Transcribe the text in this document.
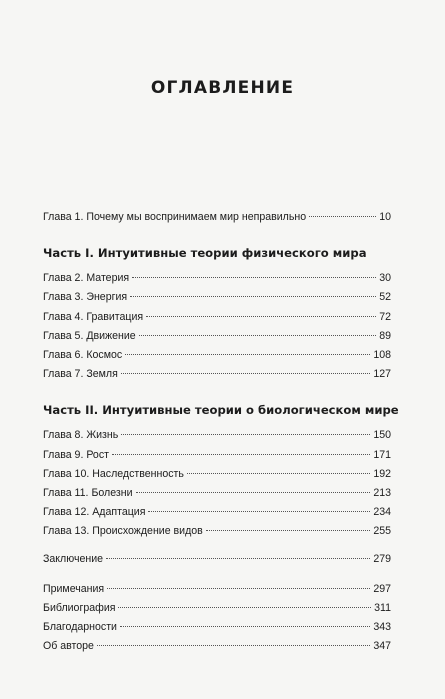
ОГЛАВЛЕНИЕ
Глава 1. Почему мы воспринимаем мир неправильно	10
Часть I. Интуитивные теории физического мира
Глава 2. Материя	30
Глава 3. Энергия	52
Глава 4. Гравитация	72
Глава 5. Движение	89
Глава 6. Космос	108
Глава 7. Земля	127
Часть II. Интуитивные теории о биологическом мире
Глава 8. Жизнь	150
Глава 9. Рост	171
Глава 10. Наследственность	192
Глава 11. Болезни	213
Глава 12. Адаптация	234
Глава 13. Происхождение видов	255
Заключение	279
Примечания	297
Библиография	311
Благодарности	343
Об авторе	347
